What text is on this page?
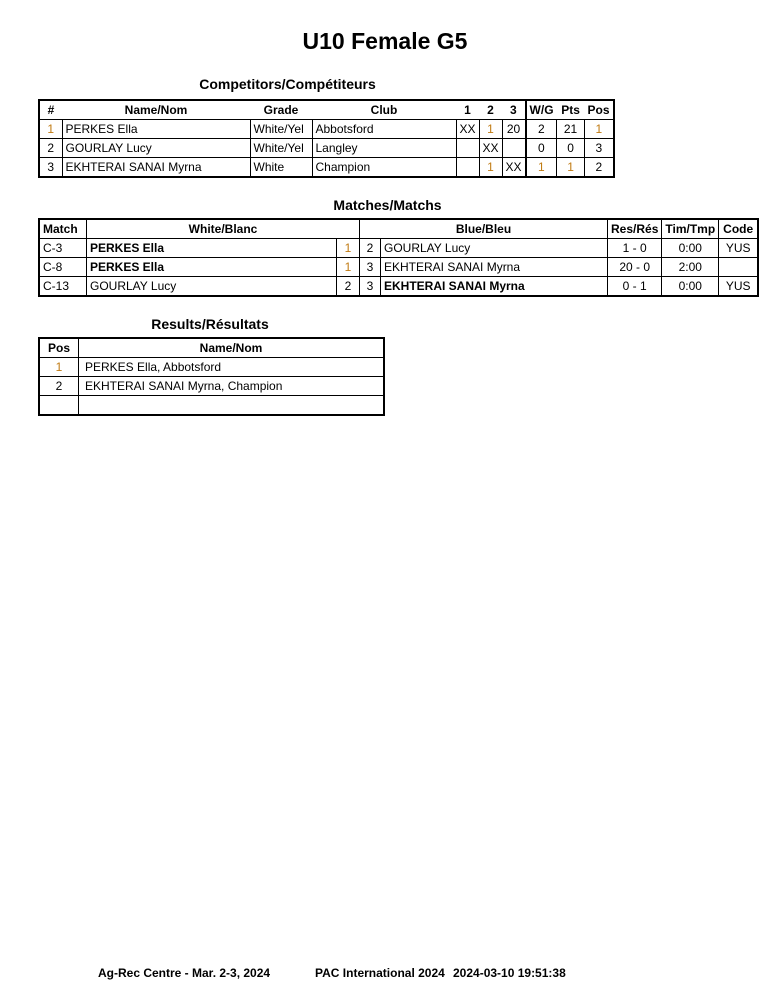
U10 Female G5
Competitors/Compétiteurs
#	Name/Nom	Grade	Club	1	2	3	W/G	Pts	Pos
1	PERKES Ella	White/Yel	Abbotsford	XX	1	20	2	21	1
2	GOURLAY Lucy	White/Yel	Langley		XX		0	0	3
3	EKHTERAI SANAI Myrna	White	Champion		1	XX	1	1	2
Matches/Matchs
Match	White/Blanc		Blue/Bleu		Res/Rés	Tim/Tmp	Code
C-3	PERKES Ella	1	2	GOURLAY Lucy	1 - 0	0:00	YUS
C-8	PERKES Ella	1	3	EKHTERAI SANAI Myrna	20 - 0	2:00	
C-13	GOURLAY Lucy	2	3	EKHTERAI SANAI Myrna	0 - 1	0:00	YUS
Results/Résultats
Pos	Name/Nom
1	PERKES Ella, Abbotsford
2	EKHTERAI SANAI Myrna, Champion

Ag-Rec Centre - Mar. 2-3, 2024	PAC International 2024 2024-03-10 19:51:38
